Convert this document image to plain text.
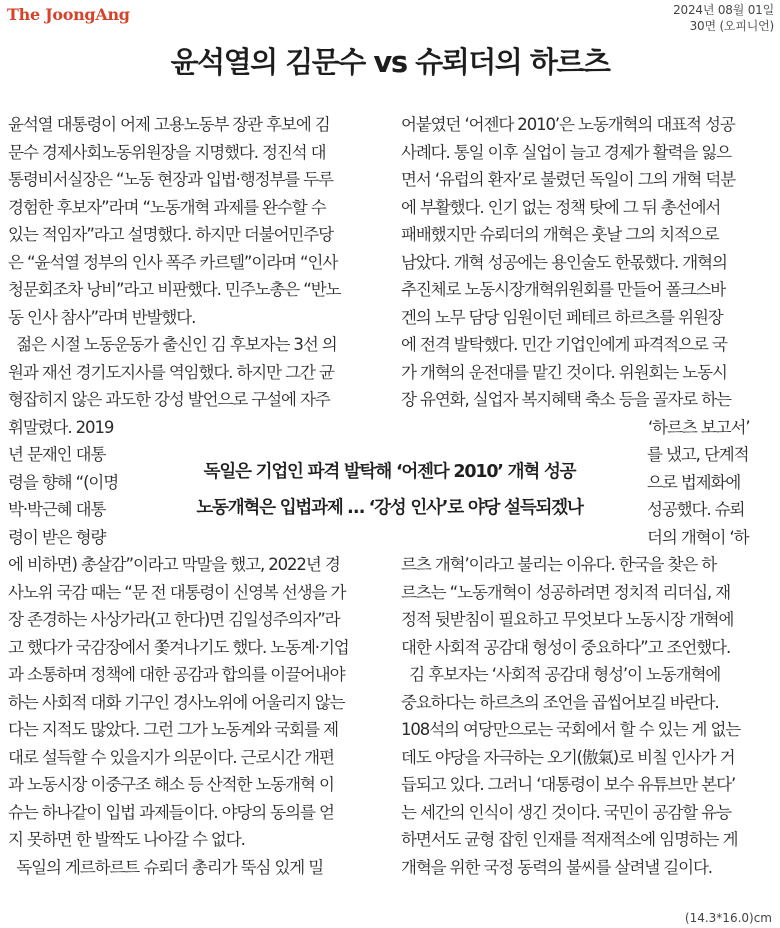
The JoongAng	2024년 08월 01일
30면 (오피니언)
윤석열의 김문수 vs 슈뢰더의 하르츠
윤석열 대통령이 어제 고용노동부 장관 후보에 김
문수 경제사회노동위원장을 지명했다. 정진석 대
통령비서실장은 “노동 현장과 입법·행정부를 두루
경험한 후보자”라며 “노동개혁 과제를 완수할 수
있는 적임자”라고 설명했다. 하지만 더불어민주당
은 “윤석열 정부의 인사 폭주 카르텔”이라며 “인사
청문회조차 낭비”라고 비판했다. 민주노총은 “반노
동 인사 참사”라며 반발했다.
젊은 시절 노동운동가 출신인 김 후보자는 3선 의
원과 재선 경기도지사를 역임했다. 하지만 그간 균
형잡히지 않은 과도한 강성 발언으로 구설에 자주
휘말렸다. 2019
년 문재인 대통
령을 향해 “(이명
박·박근혜 대통
령이 받은 형량
에 비하면) 총살감”이라고 막말을 했고, 2022년 경
사노위 국감 때는 “문 전 대통령이 신영복 선생을 가
장 존경하는 사상가라(고 한다)면 김일성주의자”라
고 했다가 국감장에서 쫓겨나기도 했다. 노동계·기업
과 소통하며 정책에 대한 공감과 합의를 이끌어내야
하는 사회적 대화 기구인 경사노위에 어울리지 않는
다는 지적도 많았다. 그런 그가 노동계와 국회를 제
대로 설득할 수 있을지가 의문이다. 근로시간 개편
과 노동시장 이중구조 해소 등 산적한 노동개혁 이
슈는 하나같이 입법 과제들이다. 야당의 동의를 얻
지 못하면 한 발짝도 나아갈 수 없다.
독일의 게르하르트 슈뢰더 총리가 뚝심 있게 밀
어붙였던 ‘어젠다 2010’은 노동개혁의 대표적 성공
사례다. 통일 이후 실업이 늘고 경제가 활력을 잃으
면서 ‘유럽의 환자’로 불렸던 독일이 그의 개혁 덕분
에 부활했다. 인기 없는 정책 탓에 그 뒤 총선에서
패배했지만 슈뢰더의 개혁은 훗날 그의 치적으로
남았다. 개혁 성공에는 용인술도 한몫했다. 개혁의
추진체로 노동시장개혁위원회를 만들어 폴크스바
겐의 노무 담당 임원이던 페테르 하르츠를 위원장
에 전격 발탁했다. 민간 기업인에게 파격적으로 국
가 개혁의 운전대를 맡긴 것이다. 위원회는 노동시
장 유연화, 실업자 복지혜택 축소 등을 골자로 하는
‘하르츠 보고서’
를 냈고, 단계적
으로 법제화에
성공했다. 슈뢰
더의 개혁이 ‘하
르츠 개혁’이라고 불리는 이유다. 한국을 찾은 하
르츠는 “노동개혁이 성공하려면 정치적 리더십, 재
정적 뒷받침이 필요하고 무엇보다 노동시장 개혁에
대한 사회적 공감대 형성이 중요하다”고 조언했다.
김 후보자는 ‘사회적 공감대 형성’이 노동개혁에
중요하다는 하르츠의 조언을 곱씹어보길 바란다.
108석의 여당만으로는 국회에서 할 수 있는 게 없는
데도 야당을 자극하는 오기(傲氣)로 비칠 인사가 거
듭되고 있다. 그러니 ‘대통령이 보수 유튜브만 본다’
는 세간의 인식이 생긴 것이다. 국민이 공감할 유능
하면서도 균형 잡힌 인재를 적재적소에 임명하는 게
개혁을 위한 국정 동력의 불씨를 살려낼 길이다.
독일은 기업인 파격 발탁해 ‘어젠다 2010’ 개혁 성공
노동개혁은 입법과제 … ‘강성 인사’로 야당 설득되겠나
(14.3*16.0)cm
